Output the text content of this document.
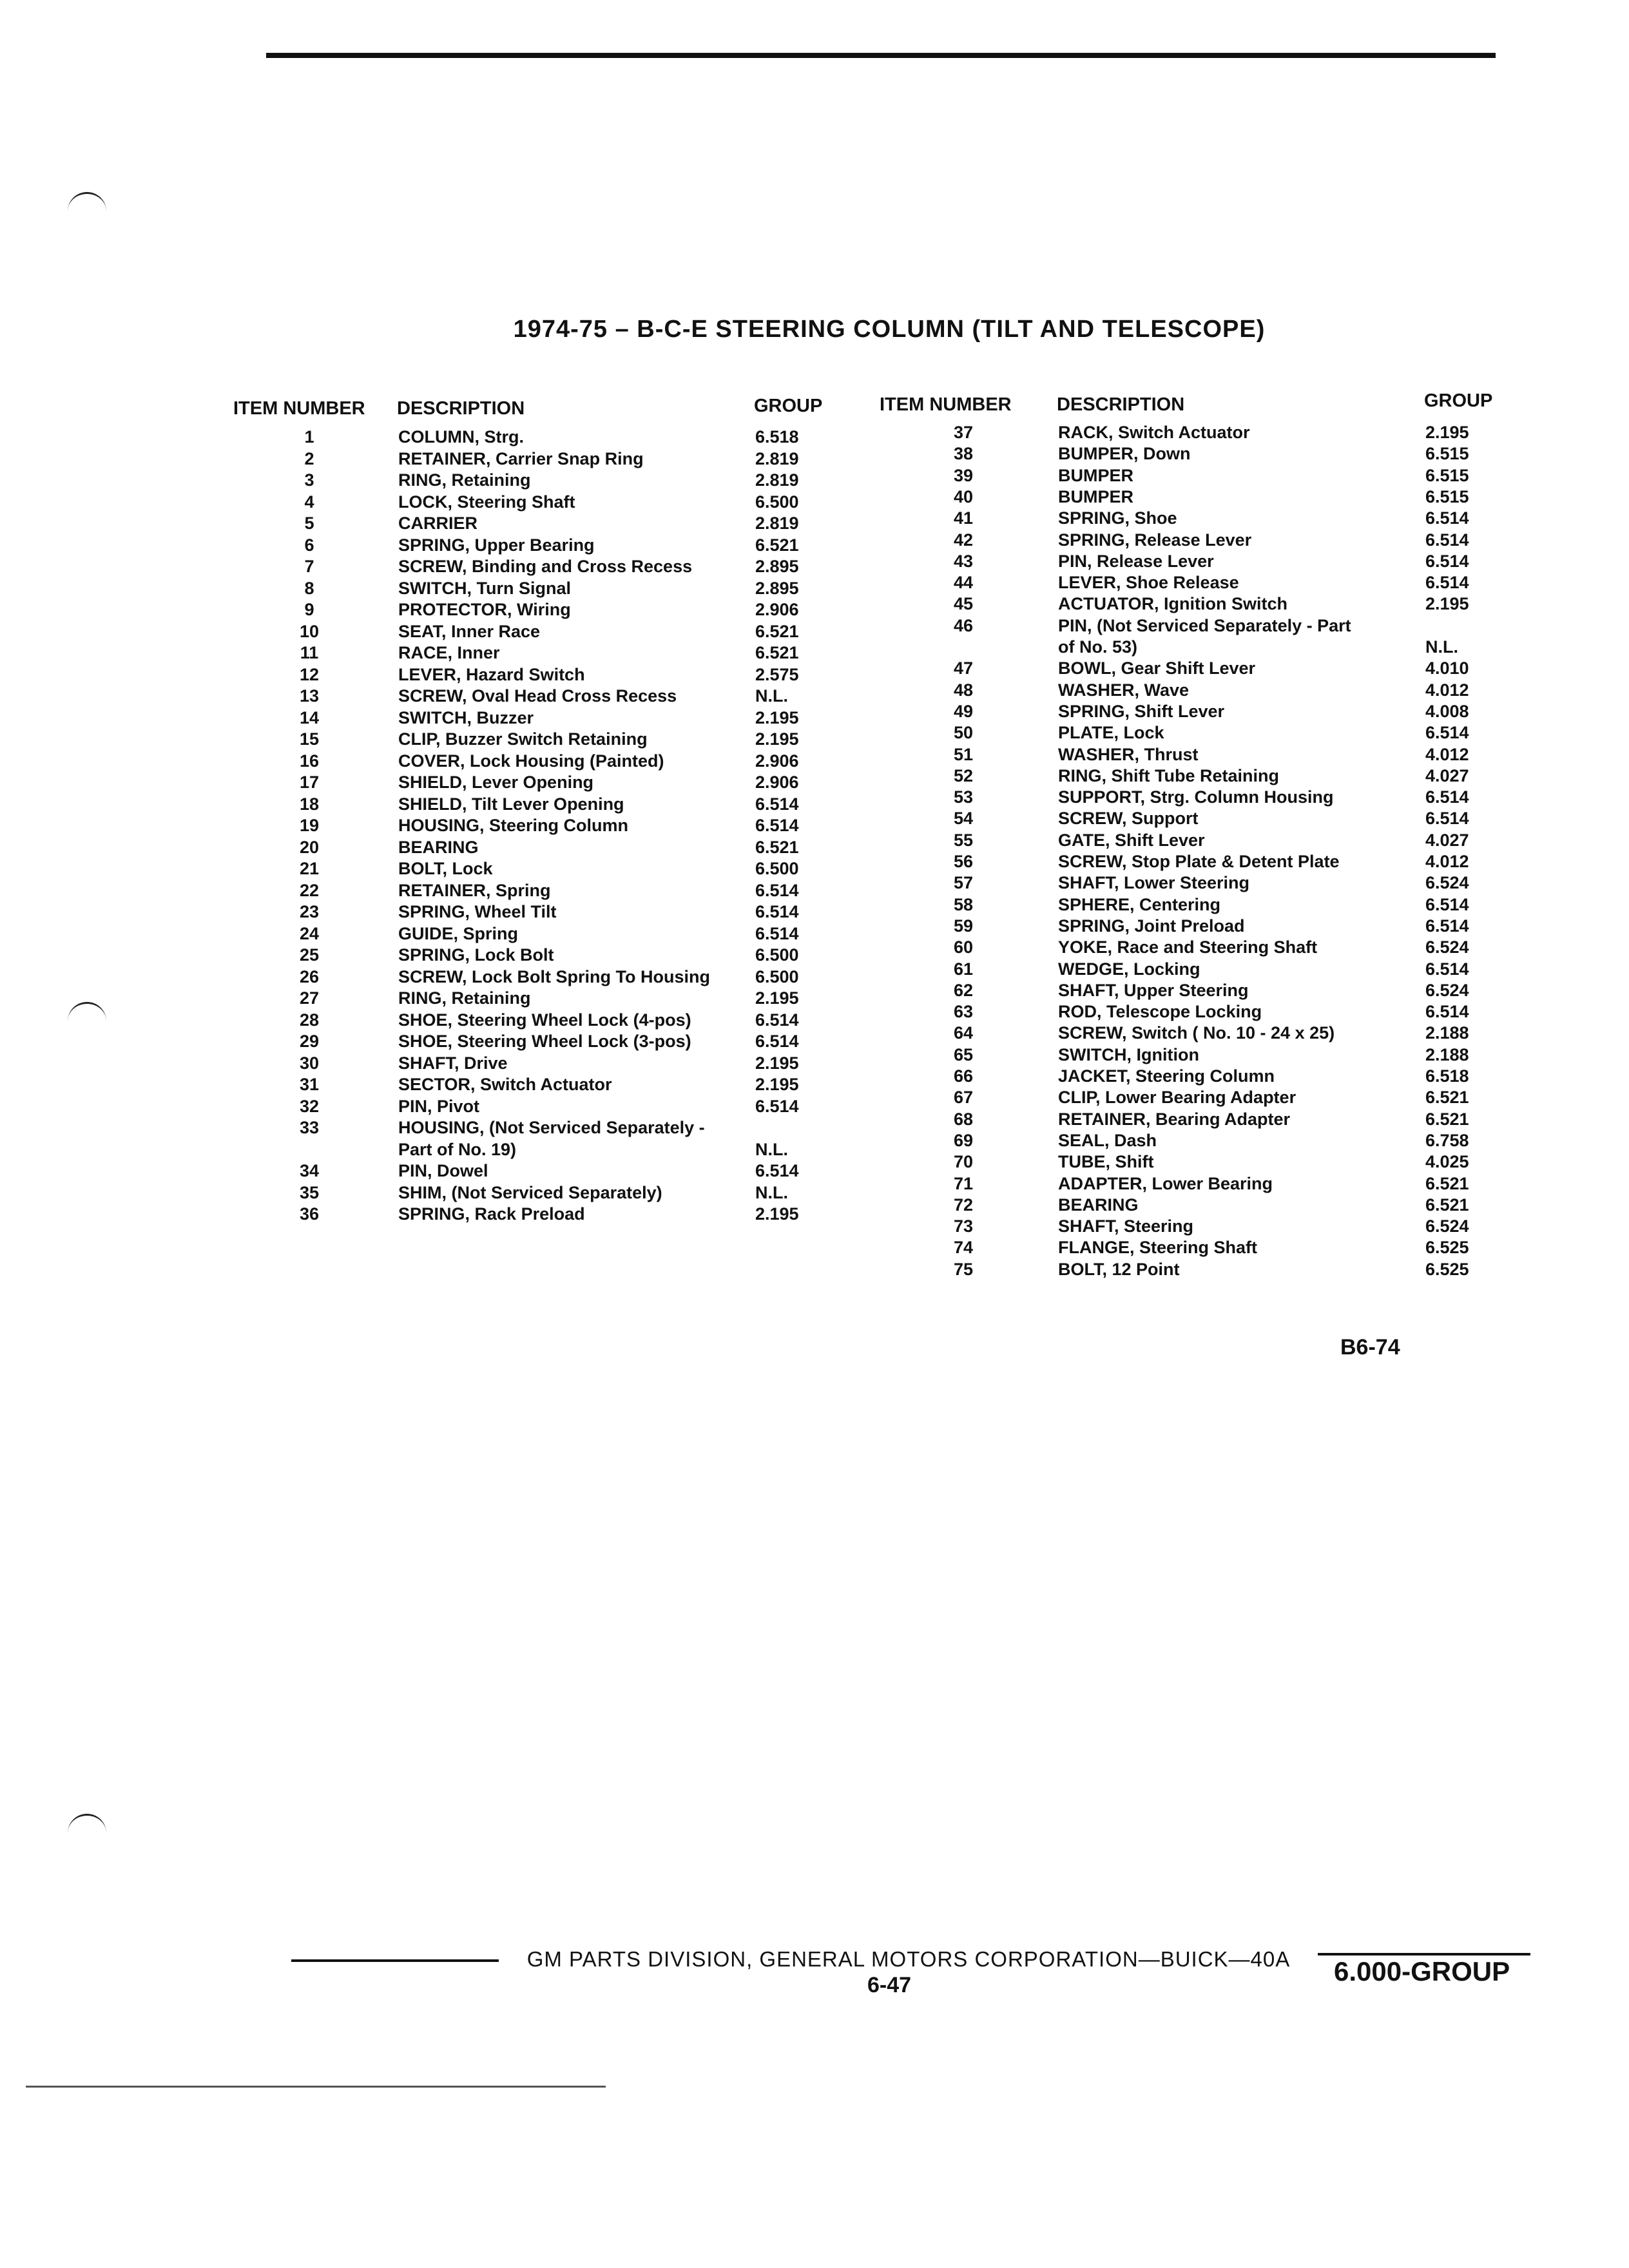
1974-75 – B-C-E STEERING COLUMN (TILT AND TELESCOPE)
ITEM NUMBER DESCRIPTION	GROUP	ITEM NUMBER DESCRIPTION	GROUP
1	COLUMN, Strg.	6.518
2	RETAINER, Carrier Snap Ring	2.819
3	RING, Retaining	2.819
4	LOCK, Steering Shaft	6.500
5	CARRIER	2.819
6	SPRING, Upper Bearing	6.521
7	SCREW, Binding and Cross Recess	2.895
8	SWITCH, Turn Signal	2.895
9	PROTECTOR, Wiring	2.906
10	SEAT, Inner Race	6.521
11	RACE, Inner	6.521
12	LEVER, Hazard Switch	2.575
13	SCREW, Oval Head Cross Recess	N.L.
14	SWITCH, Buzzer	2.195
15	CLIP, Buzzer Switch Retaining	2.195
16	COVER, Lock Housing (Painted)	2.906
17	SHIELD, Lever Opening	2.906
18	SHIELD, Tilt Lever Opening	6.514
19	HOUSING, Steering Column	6.514
20	BEARING	6.521
21	BOLT, Lock	6.500
22	RETAINER, Spring	6.514
23	SPRING, Wheel Tilt	6.514
24	GUIDE, Spring	6.514
25	SPRING, Lock Bolt	6.500
26	SCREW, Lock Bolt Spring To Housing	6.500
27	RING, Retaining	2.195
28	SHOE, Steering Wheel Lock (4-pos)	6.514
29	SHOE, Steering Wheel Lock (3-pos)	6.514
30	SHAFT, Drive	2.195
31	SECTOR, Switch Actuator	2.195
32	PIN, Pivot	6.514
33	HOUSING, (Not Serviced Separately -
Part of No. 19)	N.L.
34	PIN, Dowel	6.514
35	SHIM, (Not Serviced Separately)	N.L.
36	SPRING, Rack Preload	2.195
37	RACK, Switch Actuator	2.195
38	BUMPER, Down	6.515
39	BUMPER	6.515
40	BUMPER	6.515
41	SPRING, Shoe	6.514
42	SPRING, Release Lever	6.514
43	PIN, Release Lever	6.514
44	LEVER, Shoe Release	6.514
45	ACTUATOR, Ignition Switch	2.195
46	PIN, (Not Serviced Separately - Part
of No. 53)	N.L.
47	BOWL, Gear Shift Lever	4.010
48	WASHER, Wave	4.012
49	SPRING, Shift Lever	4.008
50	PLATE, Lock	6.514
51	WASHER, Thrust	4.012
52	RING, Shift Tube Retaining	4.027
53	SUPPORT, Strg. Column Housing	6.514
54	SCREW, Support	6.514
55	GATE, Shift Lever	4.027
56	SCREW, Stop Plate & Detent Plate	4.012
57	SHAFT, Lower Steering	6.524
58	SPHERE, Centering	6.514
59	SPRING, Joint Preload	6.514
60	YOKE, Race and Steering Shaft	6.524
61	WEDGE, Locking	6.514
62	SHAFT, Upper Steering	6.524
63	ROD, Telescope Locking	6.514
64	SCREW, Switch ( No. 10 - 24 x 25)	2.188
65	SWITCH, Ignition	2.188
66	JACKET, Steering Column	6.518
67	CLIP, Lower Bearing Adapter	6.521
68	RETAINER, Bearing Adapter	6.521
69	SEAL, Dash	6.758
70	TUBE, Shift	4.025
71	ADAPTER, Lower Bearing	6.521
72	BEARING	6.521
73	SHAFT, Steering	6.524
74	FLANGE, Steering Shaft	6.525
75	BOLT, 12 Point	6.525
B6-74
GM PARTS DIVISION, GENERAL MOTORS CORPORATION—BUICK—40A
6-47	6.000-GROUP
